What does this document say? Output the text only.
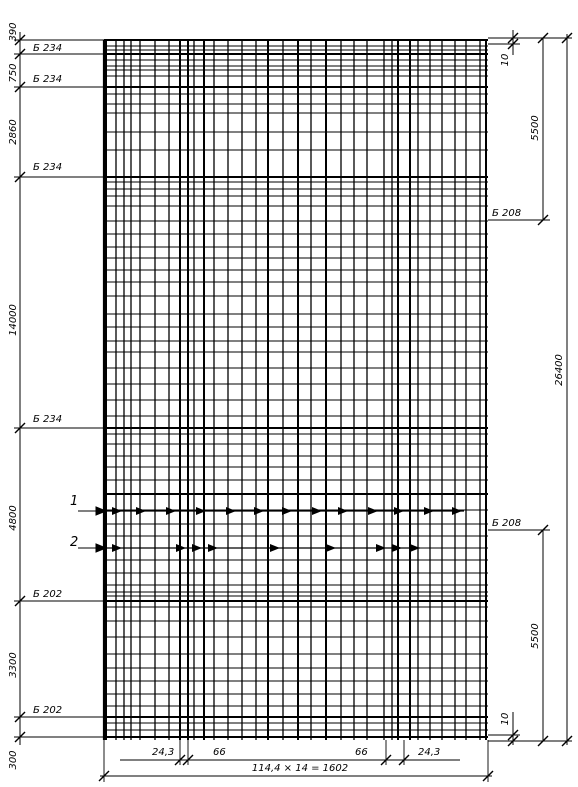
390
750
2860
14000
4800
3300
300
Б 234
Б 234
Б 234
Б 234
Б 202
Б 202
Б 208
Б 208
10
5500
26400
5500
10
24,3	66	66	24,3
114,4 × 14 = 1602
1
2
